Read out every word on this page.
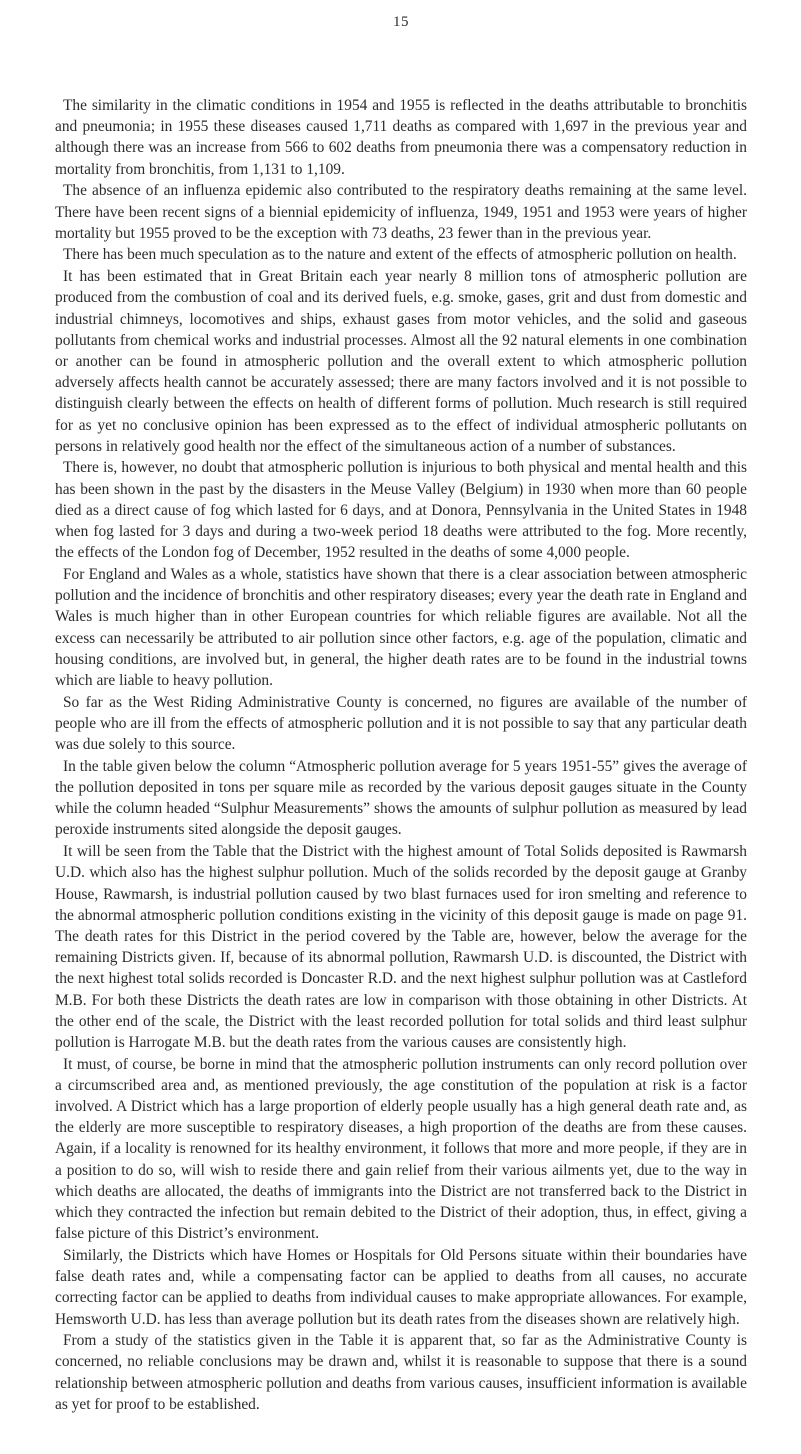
15

The similarity in the climatic conditions in 1954 and 1955 is reflected in the deaths attributable to bronchitis and pneumonia; in 1955 these diseases caused 1,711 deaths as compared with 1,697 in the previous year and although there was an increase from 566 to 602 deaths from pneumonia there was a compensatory reduction in mortality from bronchitis, from 1,131 to 1,109.

The absence of an influenza epidemic also contributed to the respiratory deaths remaining at the same level. There have been recent signs of a biennial epidemicity of influenza, 1949, 1951 and 1953 were years of higher mortality but 1955 proved to be the exception with 73 deaths, 23 fewer than in the previous year.

There has been much speculation as to the nature and extent of the effects of atmospheric pollution on health.

It has been estimated that in Great Britain each year nearly 8 million tons of atmospheric pollution are produced from the combustion of coal and its derived fuels, e.g. smoke, gases, grit and dust from domestic and industrial chimneys, locomotives and ships, exhaust gases from motor vehicles, and the solid and gaseous pollutants from chemical works and industrial processes. Almost all the 92 natural elements in one combination or another can be found in atmospheric pollution and the overall extent to which atmospheric pollution adversely affects health cannot be accurately assessed; there are many factors involved and it is not possible to distinguish clearly between the effects on health of different forms of pollution. Much research is still required for as yet no conclusive opinion has been expressed as to the effect of individual atmospheric pollutants on persons in relatively good health nor the effect of the simultaneous action of a number of substances.

There is, however, no doubt that atmospheric pollution is injurious to both physical and mental health and this has been shown in the past by the disasters in the Meuse Valley (Belgium) in 1930 when more than 60 people died as a direct cause of fog which lasted for 6 days, and at Donora, Pennsylvania in the United States in 1948 when fog lasted for 3 days and during a two-week period 18 deaths were attributed to the fog. More recently, the effects of the London fog of December, 1952 resulted in the deaths of some 4,000 people.

For England and Wales as a whole, statistics have shown that there is a clear association between atmospheric pollution and the incidence of bronchitis and other respiratory diseases; every year the death rate in England and Wales is much higher than in other European countries for which reliable figures are available. Not all the excess can necessarily be attributed to air pollution since other factors, e.g. age of the population, climatic and housing conditions, are involved but, in general, the higher death rates are to be found in the industrial towns which are liable to heavy pollution.

So far as the West Riding Administrative County is concerned, no figures are available of the number of people who are ill from the effects of atmospheric pollution and it is not possible to say that any particular death was due solely to this source.

In the table given below the column “Atmospheric pollution average for 5 years 1951-55” gives the average of the pollution deposited in tons per square mile as recorded by the various deposit gauges situate in the County while the column headed “Sulphur Measurements” shows the amounts of sulphur pollution as measured by lead peroxide instruments sited alongside the deposit gauges.

It will be seen from the Table that the District with the highest amount of Total Solids deposited is Rawmarsh U.D. which also has the highest sulphur pollution. Much of the solids recorded by the deposit gauge at Granby House, Rawmarsh, is industrial pollution caused by two blast furnaces used for iron smelting and reference to the abnormal atmospheric pollution conditions existing in the vicinity of this deposit gauge is made on page 91. The death rates for this District in the period covered by the Table are, however, below the average for the remaining Districts given. If, because of its abnormal pollution, Rawmarsh U.D. is discounted, the District with the next highest total solids recorded is Doncaster R.D. and the next highest sulphur pollution was at Castleford M.B. For both these Districts the death rates are low in comparison with those obtaining in other Districts. At the other end of the scale, the District with the least recorded pollution for total solids and third least sulphur pollution is Harrogate M.B. but the death rates from the various causes are consistently high.

It must, of course, be borne in mind that the atmospheric pollution instruments can only record pollution over a circumscribed area and, as mentioned previously, the age constitution of the population at risk is a factor involved. A District which has a large proportion of elderly people usually has a high general death rate and, as the elderly are more susceptible to respiratory diseases, a high proportion of the deaths are from these causes. Again, if a locality is renowned for its healthy environment, it follows that more and more people, if they are in a position to do so, will wish to reside there and gain relief from their various ailments yet, due to the way in which deaths are allocated, the deaths of immigrants into the District are not transferred back to the District in which they contracted the infection but remain debited to the District of their adoption, thus, in effect, giving a false picture of this District’s environment.

Similarly, the Districts which have Homes or Hospitals for Old Persons situate within their boundaries have false death rates and, while a compensating factor can be applied to deaths from all causes, no accurate correcting factor can be applied to deaths from individual causes to make appropriate allowances. For example, Hemsworth U.D. has less than average pollution but its death rates from the diseases shown are relatively high.

From a study of the statistics given in the Table it is apparent that, so far as the Administrative County is concerned, no reliable conclusions may be drawn and, whilst it is reasonable to suppose that there is a sound relationship between atmospheric pollution and deaths from various causes, insufficient information is available as yet for proof to be established.
